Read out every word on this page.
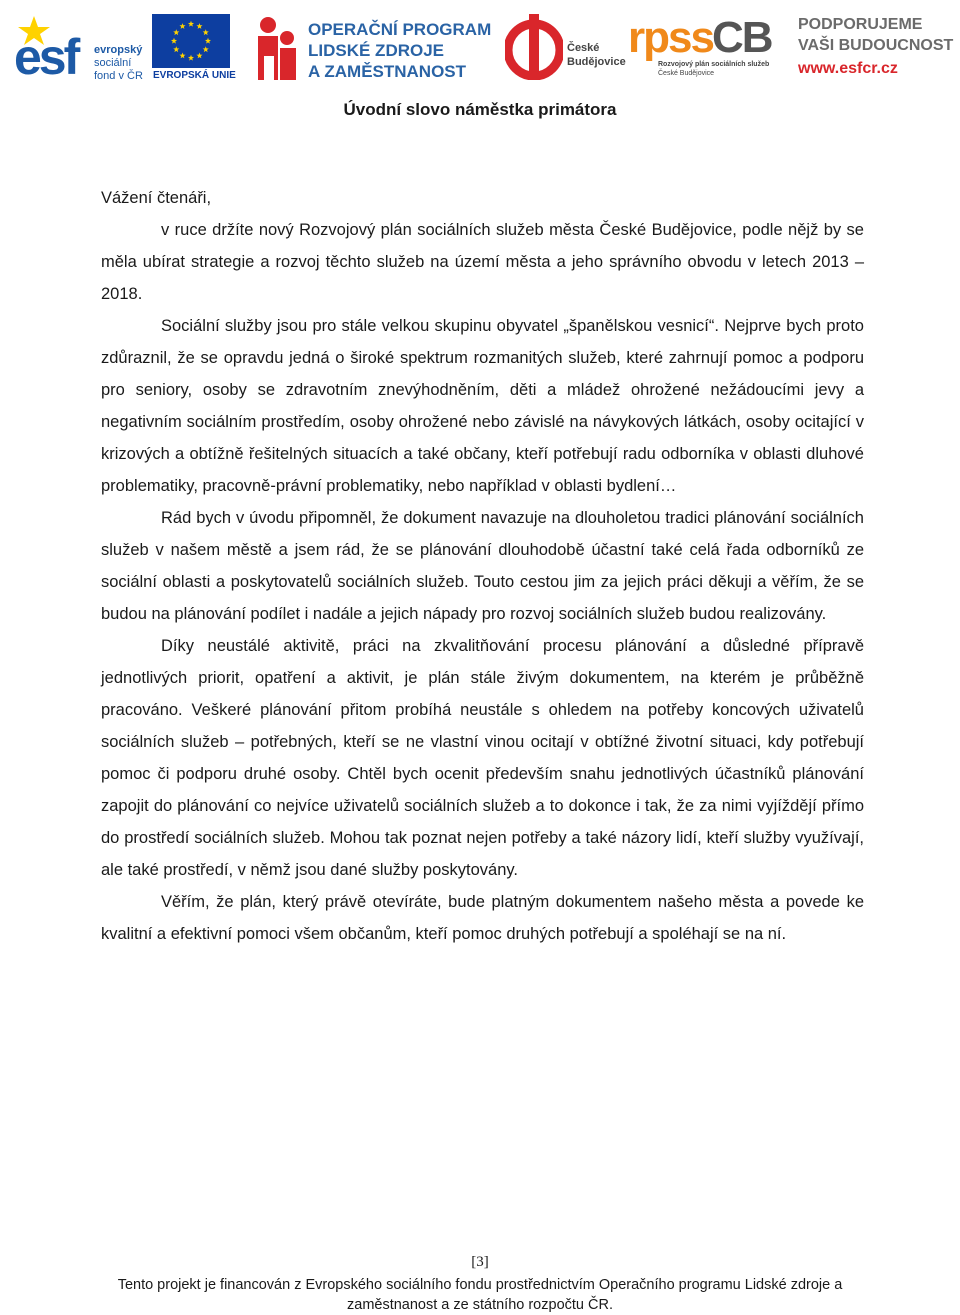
esf evropský
sociální
fond v ČR EVROPSKÁ UNIE
OPERAČNÍ PROGRAM
LIDSKÉ ZDROJE
A ZAMĚSTNANOST
České
Budějovice rpss CB
Rozvojový plán sociálních služeb
České Budějovice
PODPORUJEME
VAŠI BUDOUCNOST
www.esfcr.cz
Úvodní slovo náměstka primátora

Vážení čtenáři,

v ruce držíte nový Rozvojový plán sociálních služeb města České Budějovice, podle nějž by se měla ubírat strategie a rozvoj těchto služeb na území města a jeho správního obvodu v letech 2013 – 2018.

Sociální služby jsou pro stále velkou skupinu obyvatel „španělskou vesnicí“. Nejprve bych proto zdůraznil, že se opravdu jedná o široké spektrum rozmanitých služeb, které zahrnují pomoc a podporu pro seniory, osoby se zdravotním znevýhodněním, děti a mládež ohrožené nežádoucími jevy a negativním sociálním prostředím, osoby ohrožené nebo závislé na návykových látkách, osoby ocitající v krizových a obtížně řešitelných situacích a také občany, kteří potřebují radu odborníka v oblasti dluhové problematiky, pracovně-právní problematiky, nebo například v oblasti bydlení…

Rád bych v úvodu připomněl, že dokument navazuje na dlouholetou tradici plánování sociálních služeb v našem městě a jsem rád, že se plánování dlouhodobě účastní také celá řada odborníků ze sociální oblasti a poskytovatelů sociálních služeb. Touto cestou jim za jejich práci děkuji a věřím, že se budou na plánování podílet i nadále a jejich nápady pro rozvoj sociálních služeb budou realizovány.

Díky neustálé aktivitě, práci na zkvalitňování procesu plánování a důsledné přípravě jednotlivých priorit, opatření a aktivit, je plán stále živým dokumentem, na kterém je průběžně pracováno. Veškeré plánování přitom probíhá neustále s ohledem na potřeby koncových uživatelů sociálních služeb – potřebných, kteří se ne vlastní vinou ocitají v obtížné životní situaci, kdy potřebují pomoc či podporu druhé osoby. Chtěl bych ocenit především snahu jednotlivých účastníků plánování zapojit do plánování co nejvíce uživatelů sociálních služeb a to dokonce i tak, že za nimi vyjíždějí přímo do prostředí sociálních služeb. Mohou tak poznat nejen potřeby a také názory lidí, kteří služby využívají, ale také prostředí, v němž jsou dané služby poskytovány.

Věřím, že plán, který právě otevíráte, bude platným dokumentem našeho města a povede ke kvalitní a efektivní pomoci všem občanům, kteří pomoc druhých potřebují a spoléhají se na ní.

[3]
Tento projekt je financován z Evropského sociálního fondu prostřednictvím Operačního programu Lidské zdroje a
zaměstnanost a ze státního rozpočtu ČR.
